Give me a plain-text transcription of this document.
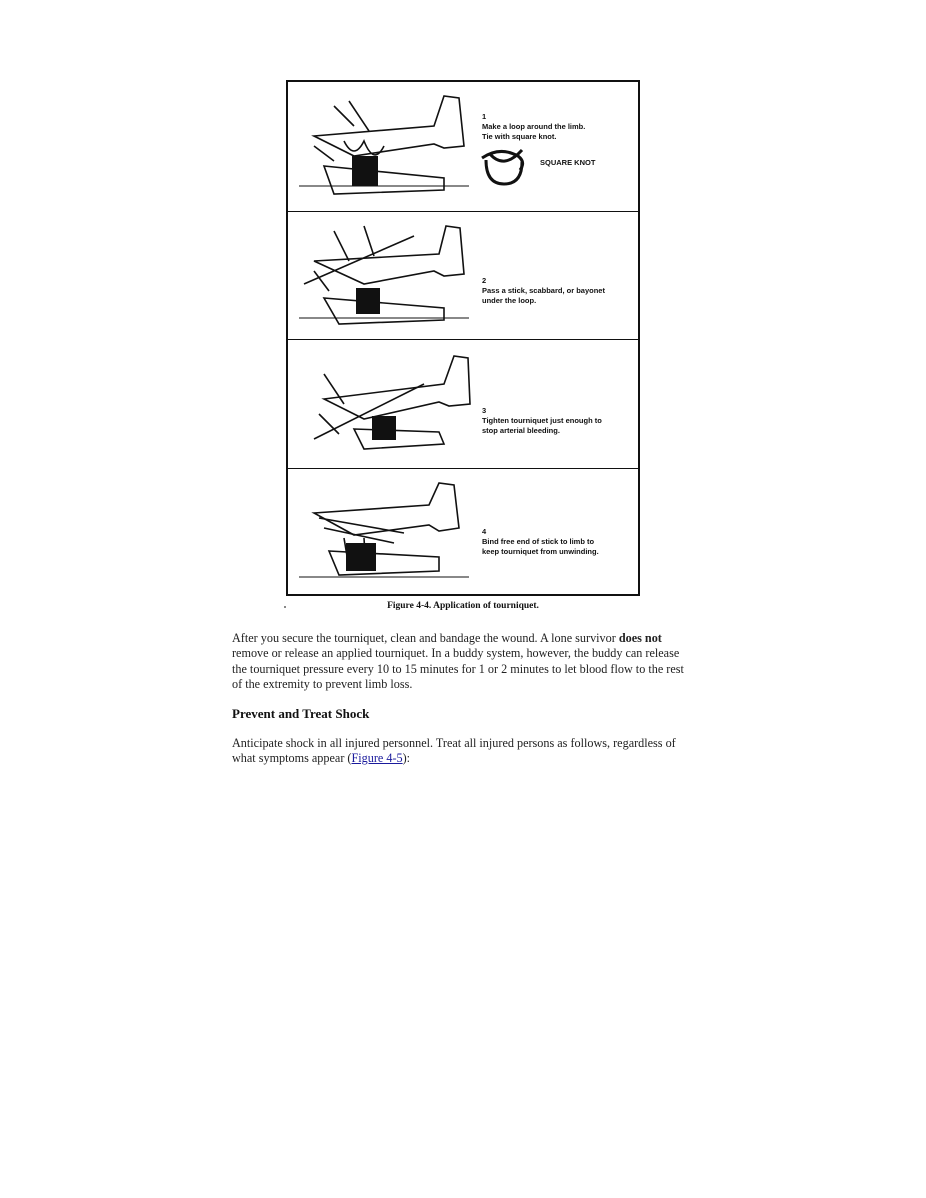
1
Make a loop around the limb.
Tie with square knot.

SQUARE KNOT

2
Pass a stick, scabbard, or bayonet
under the loop.

3
Tighten tourniquet just enough to
stop arterial bleeding.

4
Bind free end of stick to limb to
keep tourniquet from unwinding.

Figure 4-4. Application of tourniquet.

After you secure the tourniquet, clean and bandage the wound. A lone survivor does not remove or release an applied tourniquet. In a buddy system, however, the buddy can release the tourniquet pressure every 10 to 15 minutes for 1 or 2 minutes to let blood flow to the rest of the extremity to prevent limb loss.

Prevent and Treat Shock

Anticipate shock in all injured personnel. Treat all injured persons as follows, regardless of what symptoms appear (Figure 4-5):
